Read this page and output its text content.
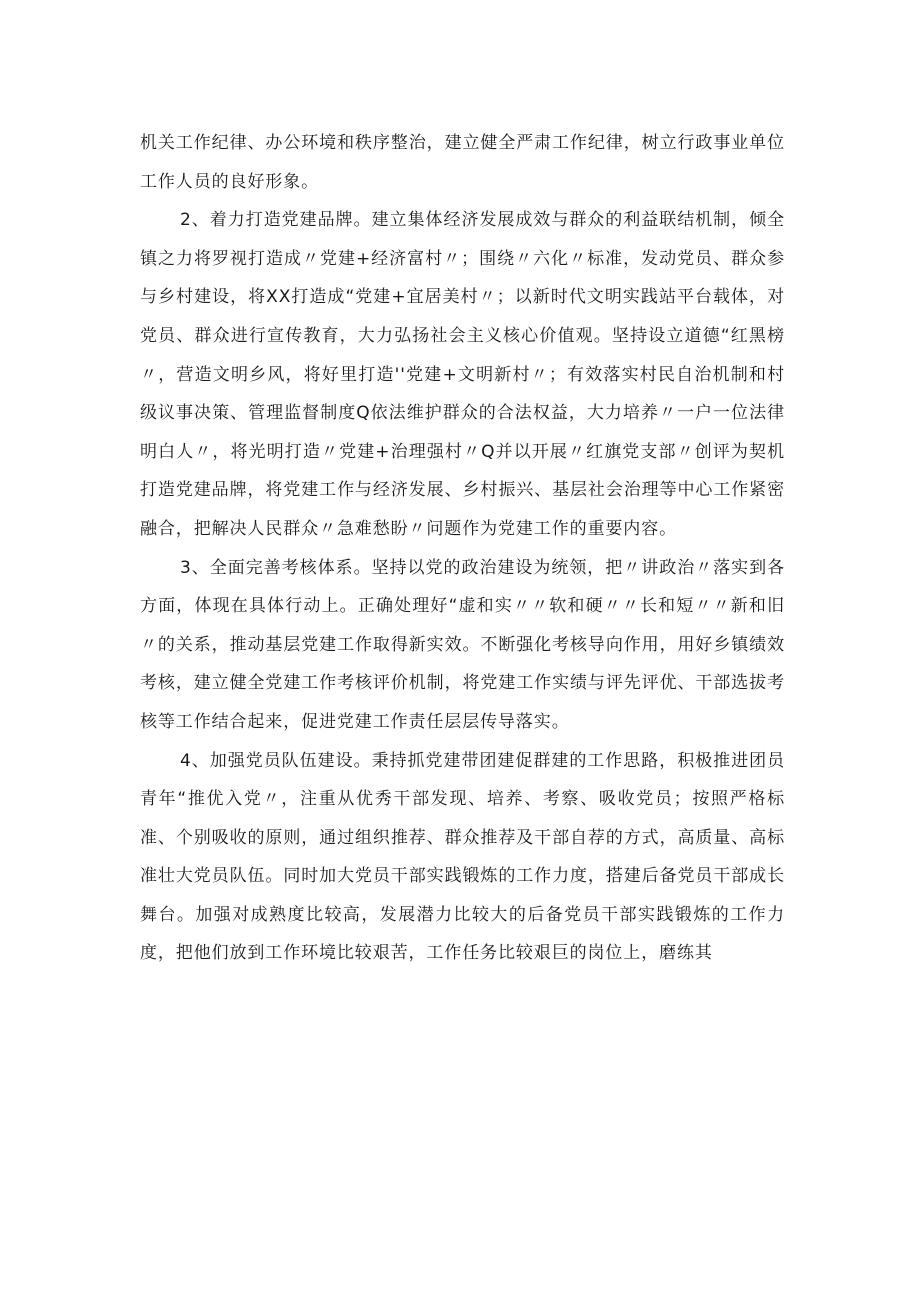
机关工作纪律、办公环境和秩序整治，建立健全严肃工作纪律，树立行政事业单位工作人员的良好形象。

2、着力打造党建品牌。建立集体经济发展成效与群众的利益联结机制，倾全镇之力将罗视打造成〃党建+经济富村〃；围绕〃六化〃标准，发动党员、群众参与乡村建设，将XX打造成“党建+宜居美村〃；以新时代文明实践站平台载体，对党员、群众进行宣传教育，大力弘扬社会主义核心价值观。坚持设立道德“红黑榜〃，营造文明乡风，将好里打造''党建+文明新村〃；有效落实村民自治机制和村级议事决策、管理监督制度Q依法维护群众的合法权益，大力培养〃一户一位法律明白人〃，将光明打造〃党建+治理强村〃Q并以开展〃红旗党支部〃创评为契机打造党建品牌，将党建工作与经济发展、乡村振兴、基层社会治理等中心工作紧密融合，把解决人民群众〃急难愁盼〃问题作为党建工作的重要内容。

3、全面完善考核体系。坚持以党的政治建设为统领，把〃讲政治〃落实到各方面，体现在具体行动上。正确处理好“虚和实〃〃软和硬〃〃长和短〃〃新和旧〃的关系，推动基层党建工作取得新实效。不断强化考核导向作用，用好乡镇绩效考核，建立健全党建工作考核评价机制，将党建工作实绩与评先评优、干部选拔考核等工作结合起来，促进党建工作责任层层传导落实。

4、加强党员队伍建设。秉持抓党建带团建促群建的工作思路，积极推进团员青年“推优入党〃，注重从优秀干部发现、培养、考察、吸收党员；按照严格标准、个别吸收的原则，通过组织推荐、群众推荐及干部自荐的方式，高质量、高标准壮大党员队伍。同时加大党员干部实践锻炼的工作力度，搭建后备党员干部成长舞台。加强对成熟度比较高，发展潜力比较大的后备党员干部实践锻炼的工作力度，把他们放到工作环境比较艰苦，工作任务比较艰巨的岗位上，磨练其
